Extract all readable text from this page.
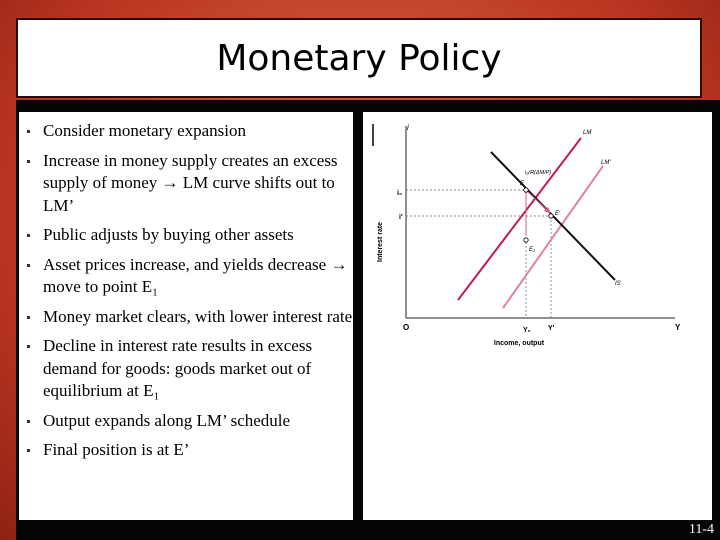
Monetary Policy
Consider monetary expansion
Increase in money supply creates an excess supply of money → LM curve shifts out to LM’
Public adjusts by buying other assets
Asset prices increase, and yields decrease → move to point E₁
Money market clears, with lower interest rate
Decline in interest rate results in excess demand for goods: goods market out of equilibrium at E₁
Output expands along LM’ schedule
Final position is at E’
i
Interest rate
O	Y
Income, output
i₀
i′
Y₀ Y′
LM
LM′
IS
E
E′
E₁
i₀/R(ΔM/P)
11-4
